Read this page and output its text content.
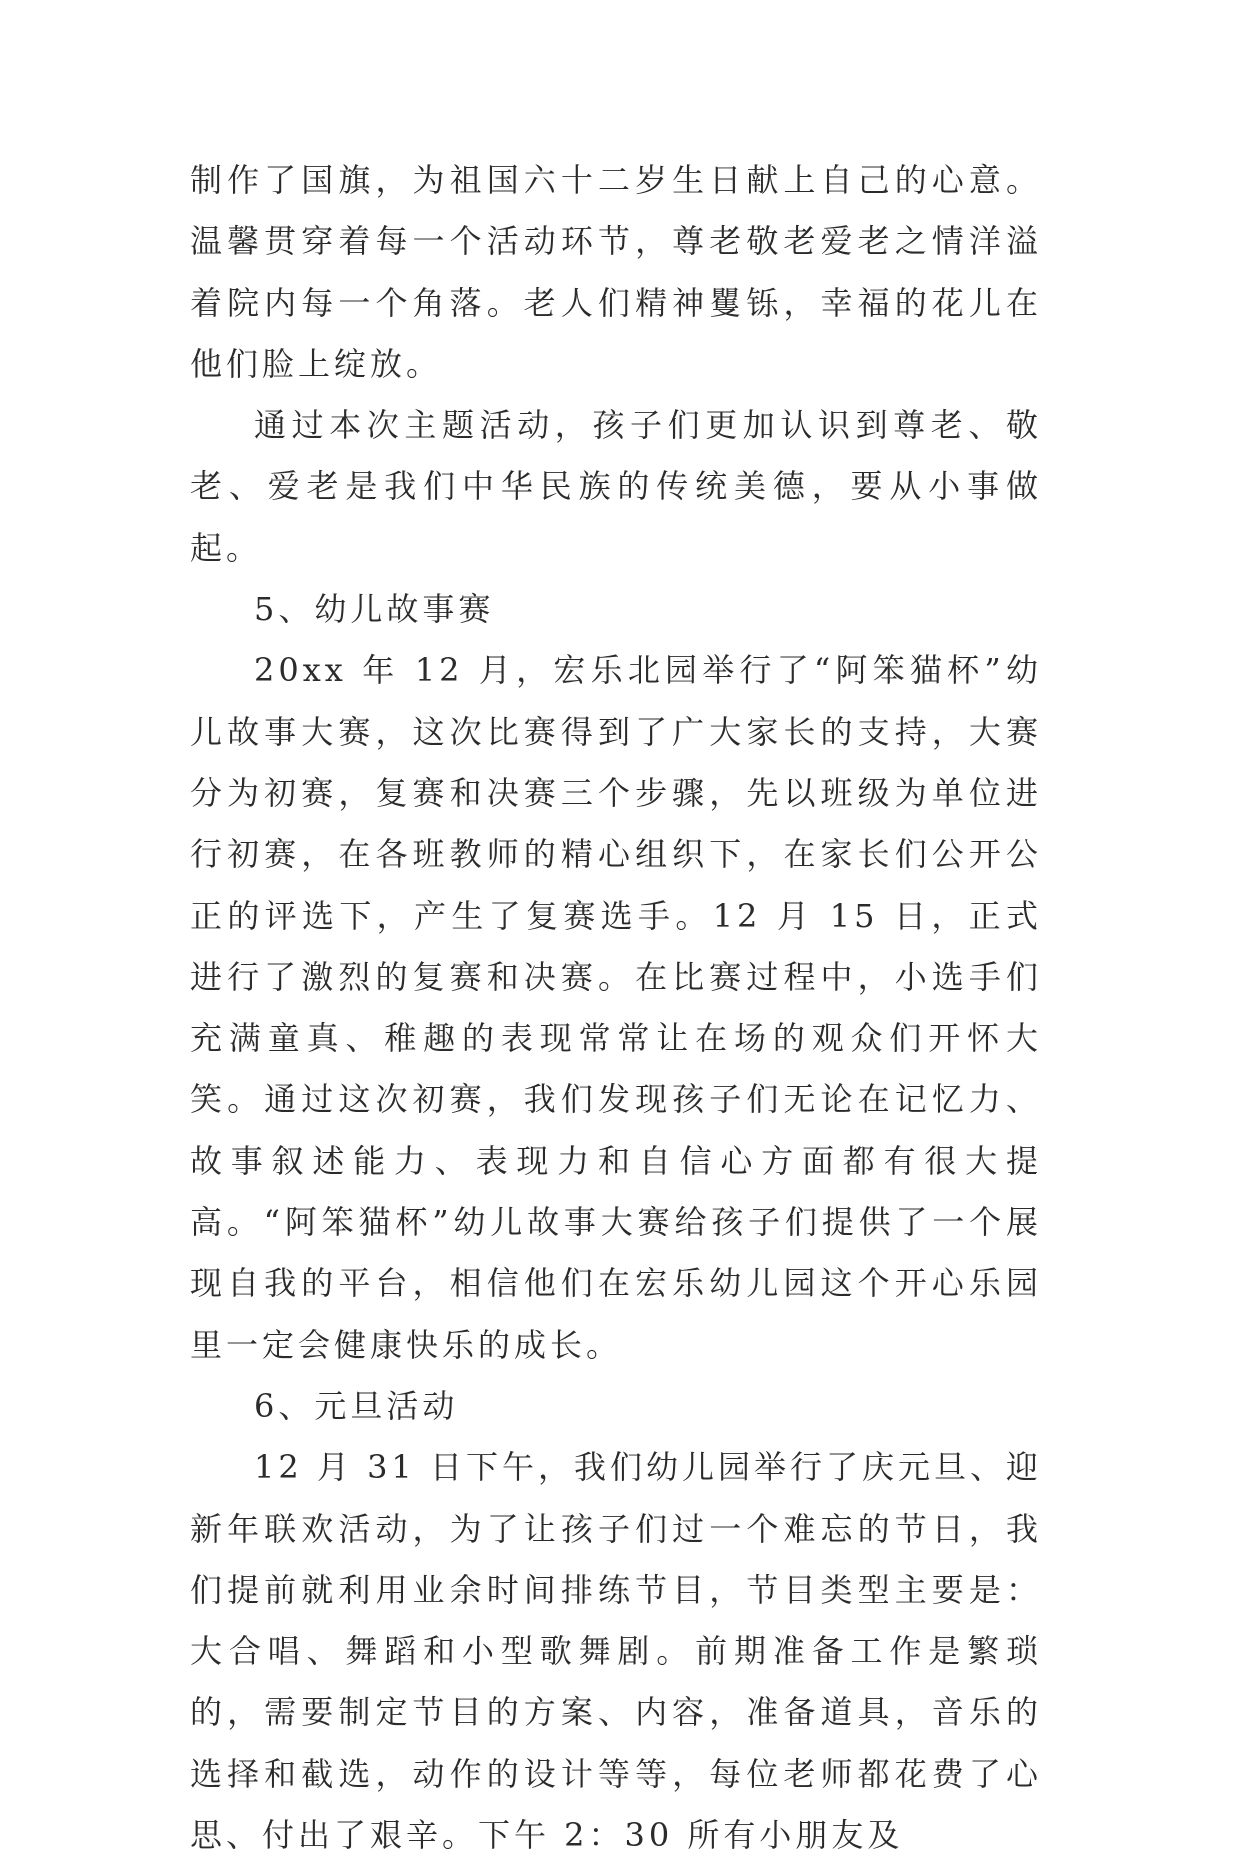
制作了国旗，为祖国六十二岁生日献上自己的心意。温馨贯穿着每一个活动环节，尊老敬老爱老之情洋溢着院内每一个角落。老人们精神矍铄，幸福的花儿在他们脸上绽放。

通过本次主题活动，孩子们更加认识到尊老、敬老、爱老是我们中华民族的传统美德，要从小事做起。

5、幼儿故事赛

20xx 年 12 月，宏乐北园举行了“阿笨猫杯”幼儿故事大赛，这次比赛得到了广大家长的支持，大赛分为初赛，复赛和决赛三个步骤，先以班级为单位进行初赛，在各班教师的精心组织下，在家长们公开公正的评选下，产生了复赛选手。12 月 15 日，正式进行了激烈的复赛和决赛。在比赛过程中，小选手们充满童真、稚趣的表现常常让在场的观众们开怀大笑。通过这次初赛，我们发现孩子们无论在记忆力、故事叙述能力、表现力和自信心方面都有很大提高。“阿笨猫杯”幼儿故事大赛给孩子们提供了一个展现自我的平台，相信他们在宏乐幼儿园这个开心乐园里一定会健康快乐的成长。

6、元旦活动

12 月 31 日下午，我们幼儿园举行了庆元旦、迎新年联欢活动，为了让孩子们过一个难忘的节日，我们提前就利用业余时间排练节目，节目类型主要是：大合唱、舞蹈和小型歌舞剧。前期准备工作是繁琐的，需要制定节目的方案、内容，准备道具，音乐的选择和截选，动作的设计等等，每位老师都花费了心思、付出了艰辛。下午 2：30 所有小朋友及
